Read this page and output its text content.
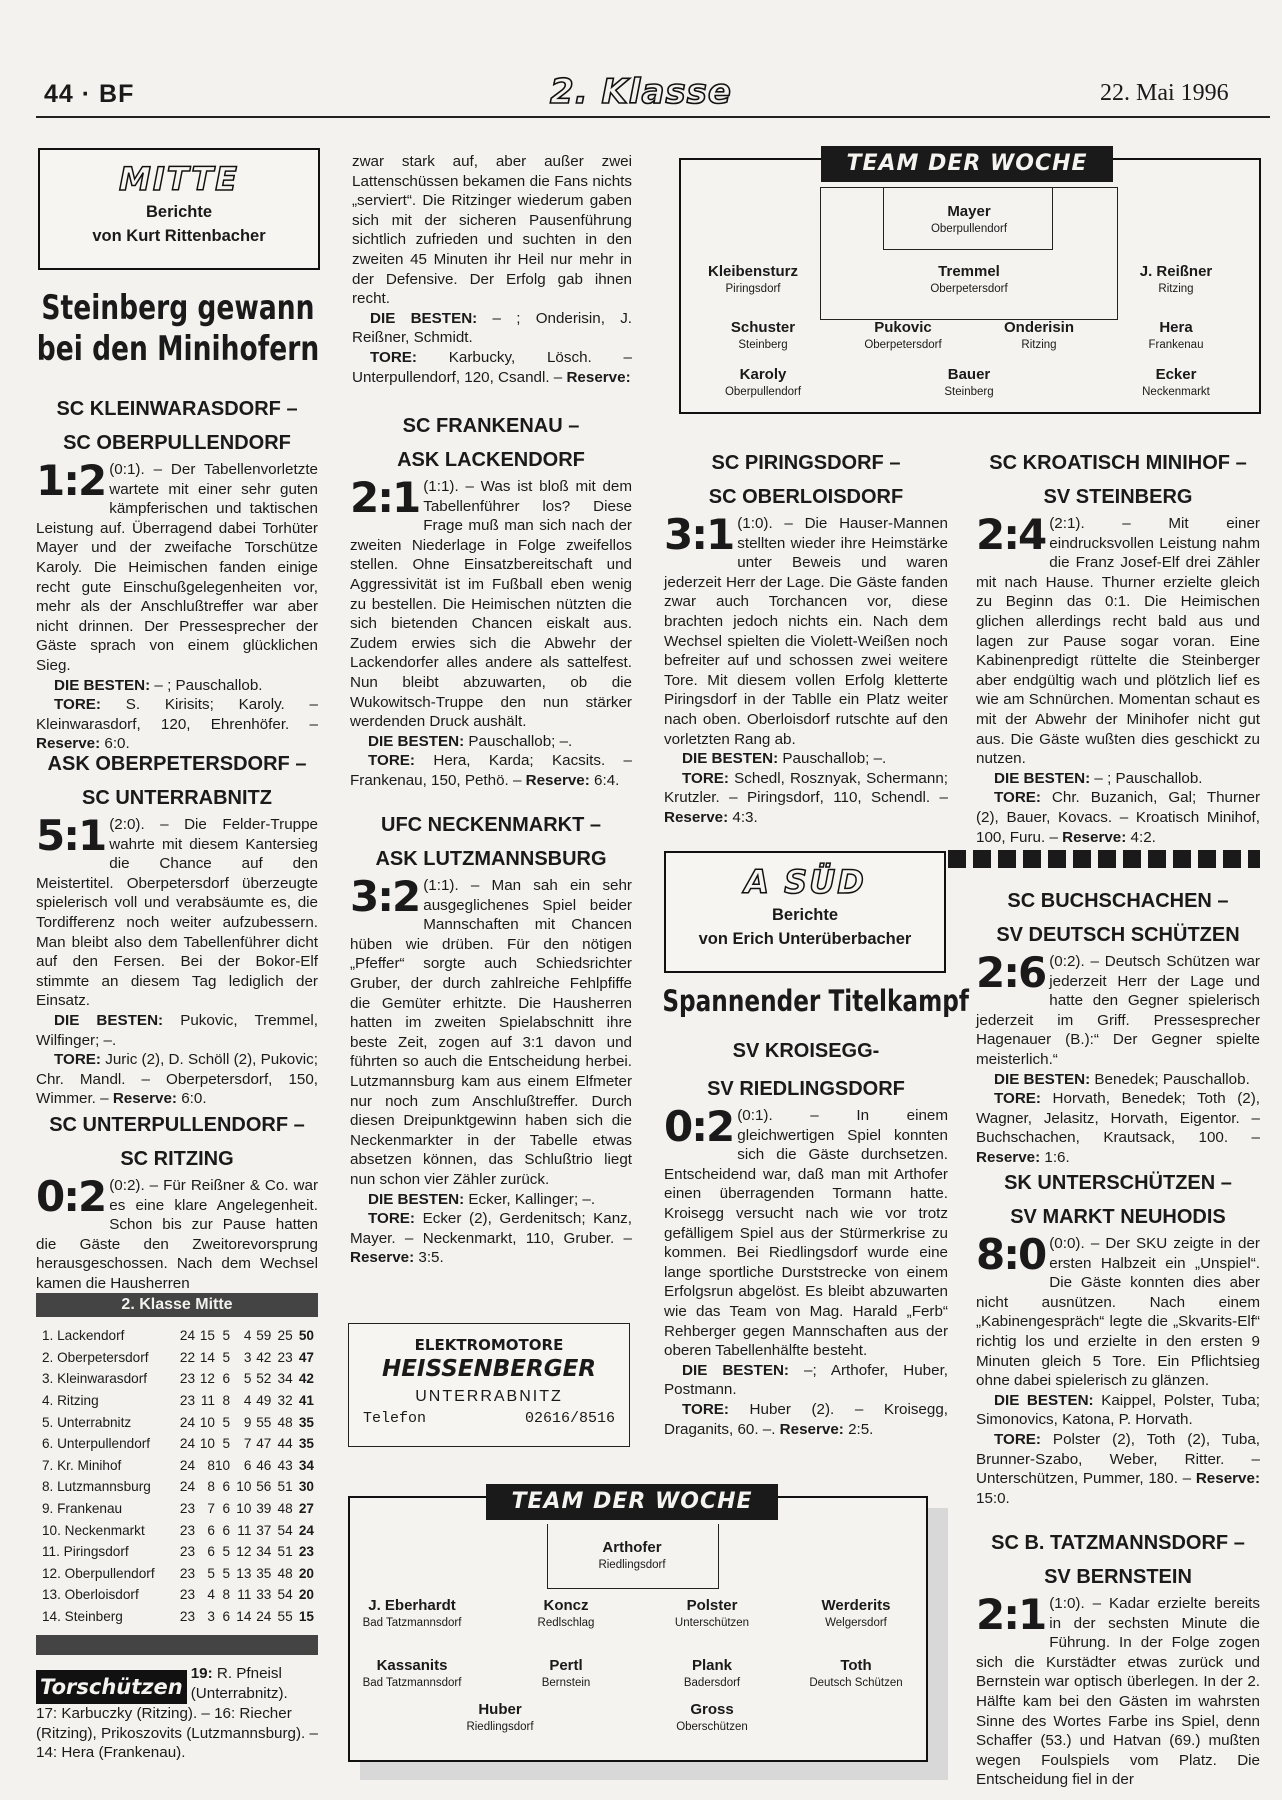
44 · BF	2. Klasse	22. Mai 1996
MITTE
Berichte
von Kurt Rittenbacher
Steinberg gewann
bei den Minihofern
SC KLEINWARASDORF –
SC OBERPULLENDORF
1:2 (0:1). – Der Tabellenvorletzte wartete mit einer sehr guten kämpferischen und taktischen Leistung auf. Überragend dabei Torhüter Mayer und der zweifache Torschütze Karoly. Die Heimischen fanden einige recht gute Einschußgelegenheiten vor, mehr als der Anschlußtreffer war aber nicht drinnen. Der Pressesprecher der Gäste sprach von einem glücklichen Sieg.

DIE BESTEN: – ; Pauschallob.

TORE: S. Kirisits; Karoly. – Kleinwarasdorf, 120, Ehrenhöfer. – Reserve: 6:0.

ASK OBERPETERSDORF –
SC UNTERRABNITZ
5:1 (2:0). – Die Felder-Truppe wahrte mit diesem Kantersieg die Chance auf den Meistertitel. Oberpetersdorf überzeugte spielerisch voll und verabsäumte es, die Tordifferenz noch weiter aufzubessern. Man bleibt also dem Tabellenführer dicht auf den Fersen. Bei der Bokor-Elf stimmte an diesem Tag lediglich der Einsatz.

DIE BESTEN: Pukovic, Tremmel, Wilfinger; –.

TORE: Juric (2), D. Schöll (2), Pukovic; Chr. Mandl. – Oberpetersdorf, 150, Wimmer. – Reserve: 6:0.

SC UNTERPULLENDORF –
SC RITZING
0:2 (0:2). – Für Reißner & Co. war es eine klare Angelegenheit. Schon bis zur Pause hatten die Gäste den Zweitorevorsprung herausgeschossen. Nach dem Wechsel kamen die Hausherren

2. Klasse Mitte
1. Lackendorf	24	15	5	4	59	25	50
2. Oberpetersdorf	22	14	5	3	42	23	47
3. Kleinwarasdorf	23	12	6	5	52	34	42
4. Ritzing	23	11	8	4	49	32	41
5. Unterrabnitz	24	10	5	9	55	48	35
6. Unterpullendorf	24	10	5	7	47	44	35
7. Kr. Minihof	24	8	10	6	46	43	34
8. Lutzmannsburg	24	8	6	10	56	51	30
9. Frankenau	23	7	6	10	39	48	27
10. Neckenmarkt	23	6	6	11	37	54	24
11. Piringsdorf	23	6	5	12	34	51	23
12. Oberpullendorf	23	5	5	13	35	48	20
13. Oberloisdorf	23	4	8	11	33	54	20
14. Steinberg	23	3	6	14	24	55	15
Torschützen
19: R. Pfneisl
(Unterrabnitz).
17: Karbuczky (Ritzing). – 16: Riecher (Ritzing), Prikoszovits (Lutzmannsburg). – 14: Hera (Frankenau).

zwar stark auf, aber außer zwei Lattenschüssen bekamen die Fans nichts „serviert“. Die Ritzinger wiederum gaben sich mit der sicheren Pausenführung sichtlich zufrieden und suchten in den zweiten 45 Minuten ihr Heil nur mehr in der Defensive. Der Erfolg gab ihnen recht.

DIE BESTEN: – ; Onderisin, J. Reißner, Schmidt.

TORE: Karbucky, Lösch. – Unterpullendorf, 120, Csandl. – Reserve:

SC FRANKENAU –
ASK LACKENDORF
2:1 (1:1). – Was ist bloß mit dem Tabellenführer los? Diese Frage muß man sich nach der zweiten Niederlage in Folge zweifellos stellen. Ohne Einsatzbereitschaft und Aggressivität ist im Fußball eben wenig zu bestellen. Die Heimischen nützten die sich bietenden Chancen eiskalt aus. Zudem erwies sich die Abwehr der Lackendorfer alles andere als sattelfest. Nun bleibt abzuwarten, ob die Wukowitsch-Truppe den nun stärker werdenden Druck aushält.

DIE BESTEN: Pauschallob; –.

TORE: Hera, Karda; Kacsits. – Frankenau, 150, Pethö. – Reserve: 6:4.

UFC NECKENMARKT –
ASK LUTZMANNSBURG
3:2 (1:1). – Man sah ein sehr ausgeglichenes Spiel beider Mannschaften mit Chancen hüben wie drüben. Für den nötigen „Pfeffer“ sorgte auch Schiedsrichter Gruber, der durch zahlreiche Fehlpfiffe die Gemüter erhitzte. Die Hausherren hatten im zweiten Spielabschnitt ihre beste Zeit, zogen auf 3:1 davon und führten so auch die Entscheidung herbei. Lutzmannsburg kam aus einem Elfmeter nur noch zum Anschlußtreffer. Durch diesen Dreipunktgewinn haben sich die Neckenmarkter in der Tabelle etwas absetzen können, das Schlußtrio liegt nun schon vier Zähler zurück.

DIE BESTEN: Ecker, Kallinger; –.

TORE: Ecker (2), Gerdenitsch; Kanz, Mayer. – Neckenmarkt, 110, Gruber. – Reserve: 3:5.

ELEKTROMOTORE
HEISSENBERGER
UNTERRABNITZ
Telefon	02616/8516
Mayer
Oberpullendorf
Kleibensturz
Piringsdorf
Tremmel
Oberpetersdorf
J. Reißner
Ritzing
Schuster
Steinberg
Pukovic
Oberpetersdorf
Onderisin
Ritzing
Hera
Frankenau
Karoly
Oberpullendorf
Bauer
Steinberg
Ecker
Neckenmarkt
TEAM DER WOCHE
SC PIRINGSDORF –
SC OBERLOISDORF
3:1 (1:0). – Die Hauser-Mannen stellten wieder ihre Heimstärke unter Beweis und waren jederzeit Herr der Lage. Die Gäste fanden zwar auch Torchancen vor, diese brachten jedoch nichts ein. Nach dem Wechsel spielten die Violett-Weißen noch befreiter auf und schossen zwei weitere Tore. Mit diesem vollen Erfolg kletterte Piringsdorf in der Tablle ein Platz weiter nach oben. Oberloisdorf rutschte auf den vorletzten Rang ab.

DIE BESTEN: Pauschallob; –.

TORE: Schedl, Rosznyak, Schermann; Krutzler. – Piringsdorf, 110, Schendl. – Reserve: 4:3.

A SÜD
Berichte
von Erich Unterüberbacher
Spannender Titelkampf
SV KROISEGG-
SV RIEDLINGSDORF
0:2 (0:1). – In einem gleichwertigen Spiel konnten sich die Gäste durchsetzen. Entscheidend war, daß man mit Arthofer einen überragenden Tormann hatte. Kroisegg versucht nach wie vor trotz gefälligem Spiel aus der Stürmerkrise zu kommen. Bei Riedlingsdorf wurde eine lange sportliche Durststrecke von einem Erfolgsrun abgelöst. Es bleibt abzuwarten wie das Team von Mag. Harald „Ferb“ Rehberger gegen Mannschaften aus der oberen Tabellenhälfte besteht.

DIE BESTEN: –; Arthofer, Huber, Postmann.

TORE: Huber (2). – Kroisegg, Draganits, 60. –. Reserve: 2:5.

SC KROATISCH MINIHOF –
SV STEINBERG
2:4 (2:1). – Mit einer eindrucksvollen Leistung nahm die Franz Josef-Elf drei Zähler mit nach Hause. Thurner erzielte gleich zu Beginn das 0:1. Die Heimischen glichen allerdings recht bald aus und lagen zur Pause sogar voran. Eine Kabinenpredigt rüttelte die Steinberger aber endgültig wach und plötzlich lief es wie am Schnürchen. Momentan schaut es mit der Abwehr der Minihofer nicht gut aus. Die Gäste wußten dies geschickt zu nutzen.

DIE BESTEN: – ; Pauschallob.

TORE: Chr. Buzanich, Gal; Thurner (2), Bauer, Kovacs. – Kroatisch Minihof, 100, Furu. – Reserve: 4:2.

SC BUCHSCHACHEN –
SV DEUTSCH SCHÜTZEN
2:6 (0:2). – Deutsch Schützen war jederzeit Herr der Lage und hatte den Gegner spielerisch jederzeit im Griff. Pressesprecher Hagenauer (B.):“ Der Gegner spielte meisterlich.“

DIE BESTEN: Benedek; Pauschallob.

TORE: Horvath, Benedek; Toth (2), Wagner, Jelasitz, Horvath, Eigentor. – Buchschachen, Krautsack, 100. – Reserve: 1:6.

SK UNTERSCHÜTZEN –
SV MARKT NEUHODIS
8:0 (0:0). – Der SKU zeigte in der ersten Halbzeit ein „Unspiel“. Die Gäste konnten dies aber nicht ausnützen. Nach einem „Kabinengespräch“ legte die „Skvarits-Elf“ richtig los und erzielte in den ersten 9 Minuten gleich 5 Tore. Ein Pflichtsieg ohne dabei spielerisch zu glänzen.

DIE BESTEN: Kaippel, Polster, Tuba; Simonovics, Katona, P. Horvath.

TORE: Polster (2), Toth (2), Tuba, Brunner-Szabo, Weber, Ritter. – Unterschützen, Pummer, 180. – Reserve: 15:0.

SC B. TATZMANNSDORF –
SV BERNSTEIN
2:1 (1:0). – Kadar erzielte bereits in der sechsten Minute die Führung. In der Folge zogen sich die Kurstädter etwas zurück und Bernstein war optisch überlegen. In der 2. Hälfte kam bei den Gästen im wahrsten Sinne des Wortes Farbe ins Spiel, denn Schaffer (53.) und Hatvan (69.) mußten wegen Foulspiels vom Platz. Die Entscheidung fiel in der

Arthofer
Riedlingsdorf
J. Eberhardt
Bad Tatzmannsdorf
Koncz
Redlschlag
Polster
Unterschützen
Werderits
Welgersdorf
Kassanits
Bad Tatzmannsdorf
Pertl
Bernstein
Plank
Badersdorf
Toth
Deutsch Schützen
Huber
Riedlingsdorf
Gross
Oberschützen
TEAM DER WOCHE
